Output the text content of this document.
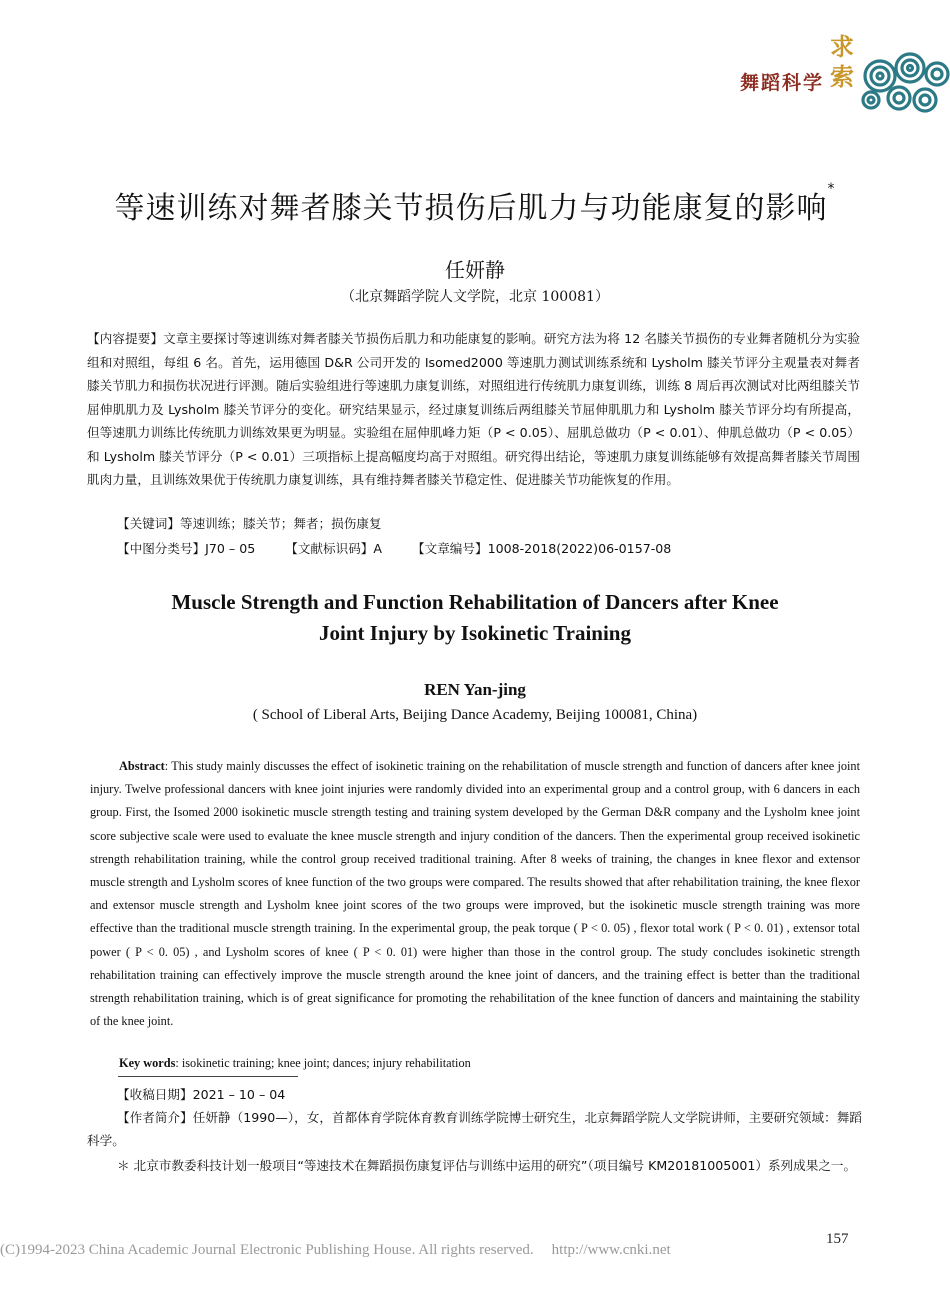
舞蹈科学
求
索
等速训练对舞者膝关节损伤后肌力与功能康复的影响*
任妍静
（北京舞蹈学院人文学院，北京 100081）
【内容提要】文章主要探讨等速训练对舞者膝关节损伤后肌力和功能康复的影响。研究方法为将 12 名膝关节损伤的专业舞者随机分为实验组和对照组，每组 6 名。首先，运用德国 D&R 公司开发的 Isomed2000 等速肌力测试训练系统和 Lysholm 膝关节评分主观量表对舞者膝关节肌力和损伤状况进行评测。随后实验组进行等速肌力康复训练，对照组进行传统肌力康复训练，训练 8 周后再次测试对比两组膝关节屈伸肌肌力及 Lysholm 膝关节评分的变化。研究结果显示，经过康复训练后两组膝关节屈伸肌肌力和 Lysholm 膝关节评分均有所提高，但等速肌力训练比传统肌力训练效果更为明显。实验组在屈伸肌峰力矩（P < 0.05）、屈肌总做功（P < 0.01）、伸肌总做功（P < 0.05）和 Lysholm 膝关节评分（P < 0.01）三项指标上提高幅度均高于对照组。研究得出结论，等速肌力康复训练能够有效提高舞者膝关节周围肌肉力量，且训练效果优于传统肌力康复训练，具有维持舞者膝关节稳定性、促进膝关节功能恢复的作用。
【关键词】等速训练；膝关节；舞者；损伤康复
【中图分类号】J70 – 05 【文献标识码】A 【文章编号】1008-2018(2022)06-0157-08
Muscle Strength and Function Rehabilitation of Dancers after Knee
Joint Injury by Isokinetic Training
REN Yan-jing
( School of Liberal Arts, Beijing Dance Academy, Beijing 100081, China)
Abstract: This study mainly discusses the effect of isokinetic training on the rehabilitation of muscle strength and function of dancers after knee joint injury. Twelve professional dancers with knee joint injuries were randomly divided into an experimental group and a control group, with 6 dancers in each group. First, the Isomed 2000 isokinetic muscle strength testing and training system developed by the German D&R company and the Lysholm knee joint score subjective scale were used to evaluate the knee muscle strength and injury condition of the dancers. Then the experimental group received isokinetic strength rehabilitation training, while the control group received traditional training. After 8 weeks of training, the changes in knee flexor and extensor muscle strength and Lysholm scores of knee function of the two groups were compared. The results showed that after rehabilitation training, the knee flexor and extensor muscle strength and Lysholm knee joint scores of the two groups were improved, but the isokinetic muscle strength training was more effective than the traditional muscle strength training. In the experimental group, the peak torque ( P < 0. 05) , flexor total work ( P < 0. 01) , extensor total power ( P < 0. 05) , and Lysholm scores of knee ( P < 0. 01) were higher than those in the control group. The study concludes isokinetic strength rehabilitation training can effectively improve the muscle strength around the knee joint of dancers, and the training effect is better than the traditional strength rehabilitation training, which is of great significance for promoting the rehabilitation of the knee function of dancers and maintaining the stability of the knee joint.
Key words: isokinetic training; knee joint; dances; injury rehabilitation
【收稿日期】2021 – 10 – 04
【作者简介】任妍静（1990—），女，首都体育学院体育教育训练学院博士研究生，北京舞蹈学院人文学院讲师，主要研究领域：舞蹈科学。
＊ 北京市教委科技计划一般项目“等速技术在舞蹈损伤康复评估与训练中运用的研究”（项目编号 KM20181005001）系列成果之一。
157
(C)1994-2023 China Academic Journal Electronic Publishing House. All rights reserved. http://www.cnki.net
